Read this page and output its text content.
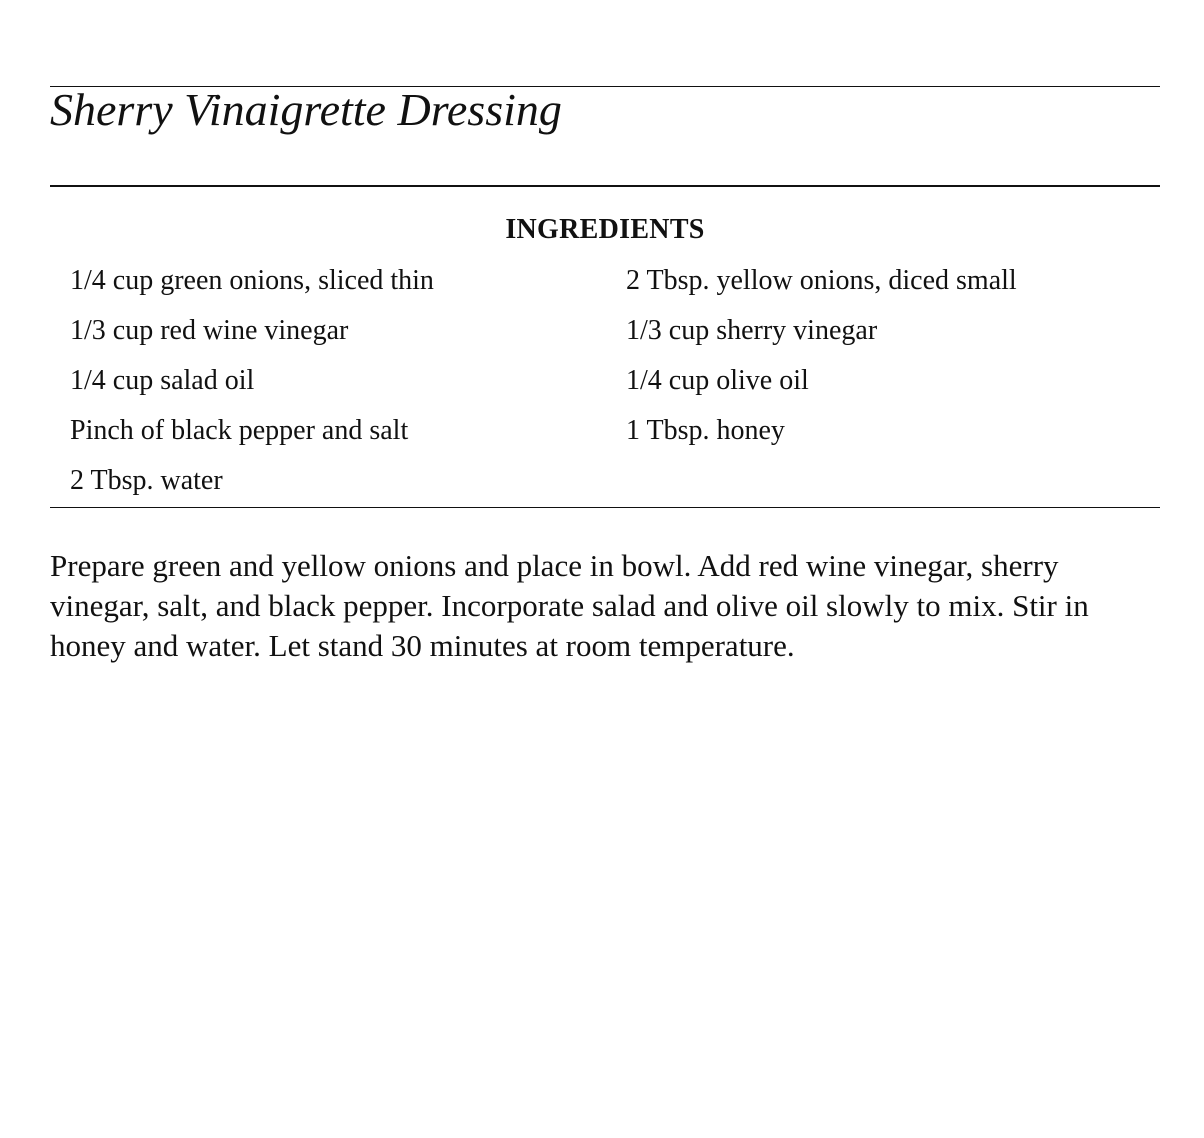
Sherry Vinaigrette Dressing
INGREDIENTS
1/4 cup green onions, sliced thin	2 Tbsp. yellow onions, diced small
1/3 cup red wine vinegar	1/3 cup sherry vinegar
1/4 cup salad oil	1/4 cup olive oil
Pinch of black pepper and salt	1 Tbsp. honey
2 Tbsp. water

Prepare green and yellow onions and place in bowl. Add red wine vinegar, sherry vinegar, salt, and black pepper. Incorporate salad and olive oil slowly to mix. Stir in honey and water. Let stand 30 minutes at room temperature.
